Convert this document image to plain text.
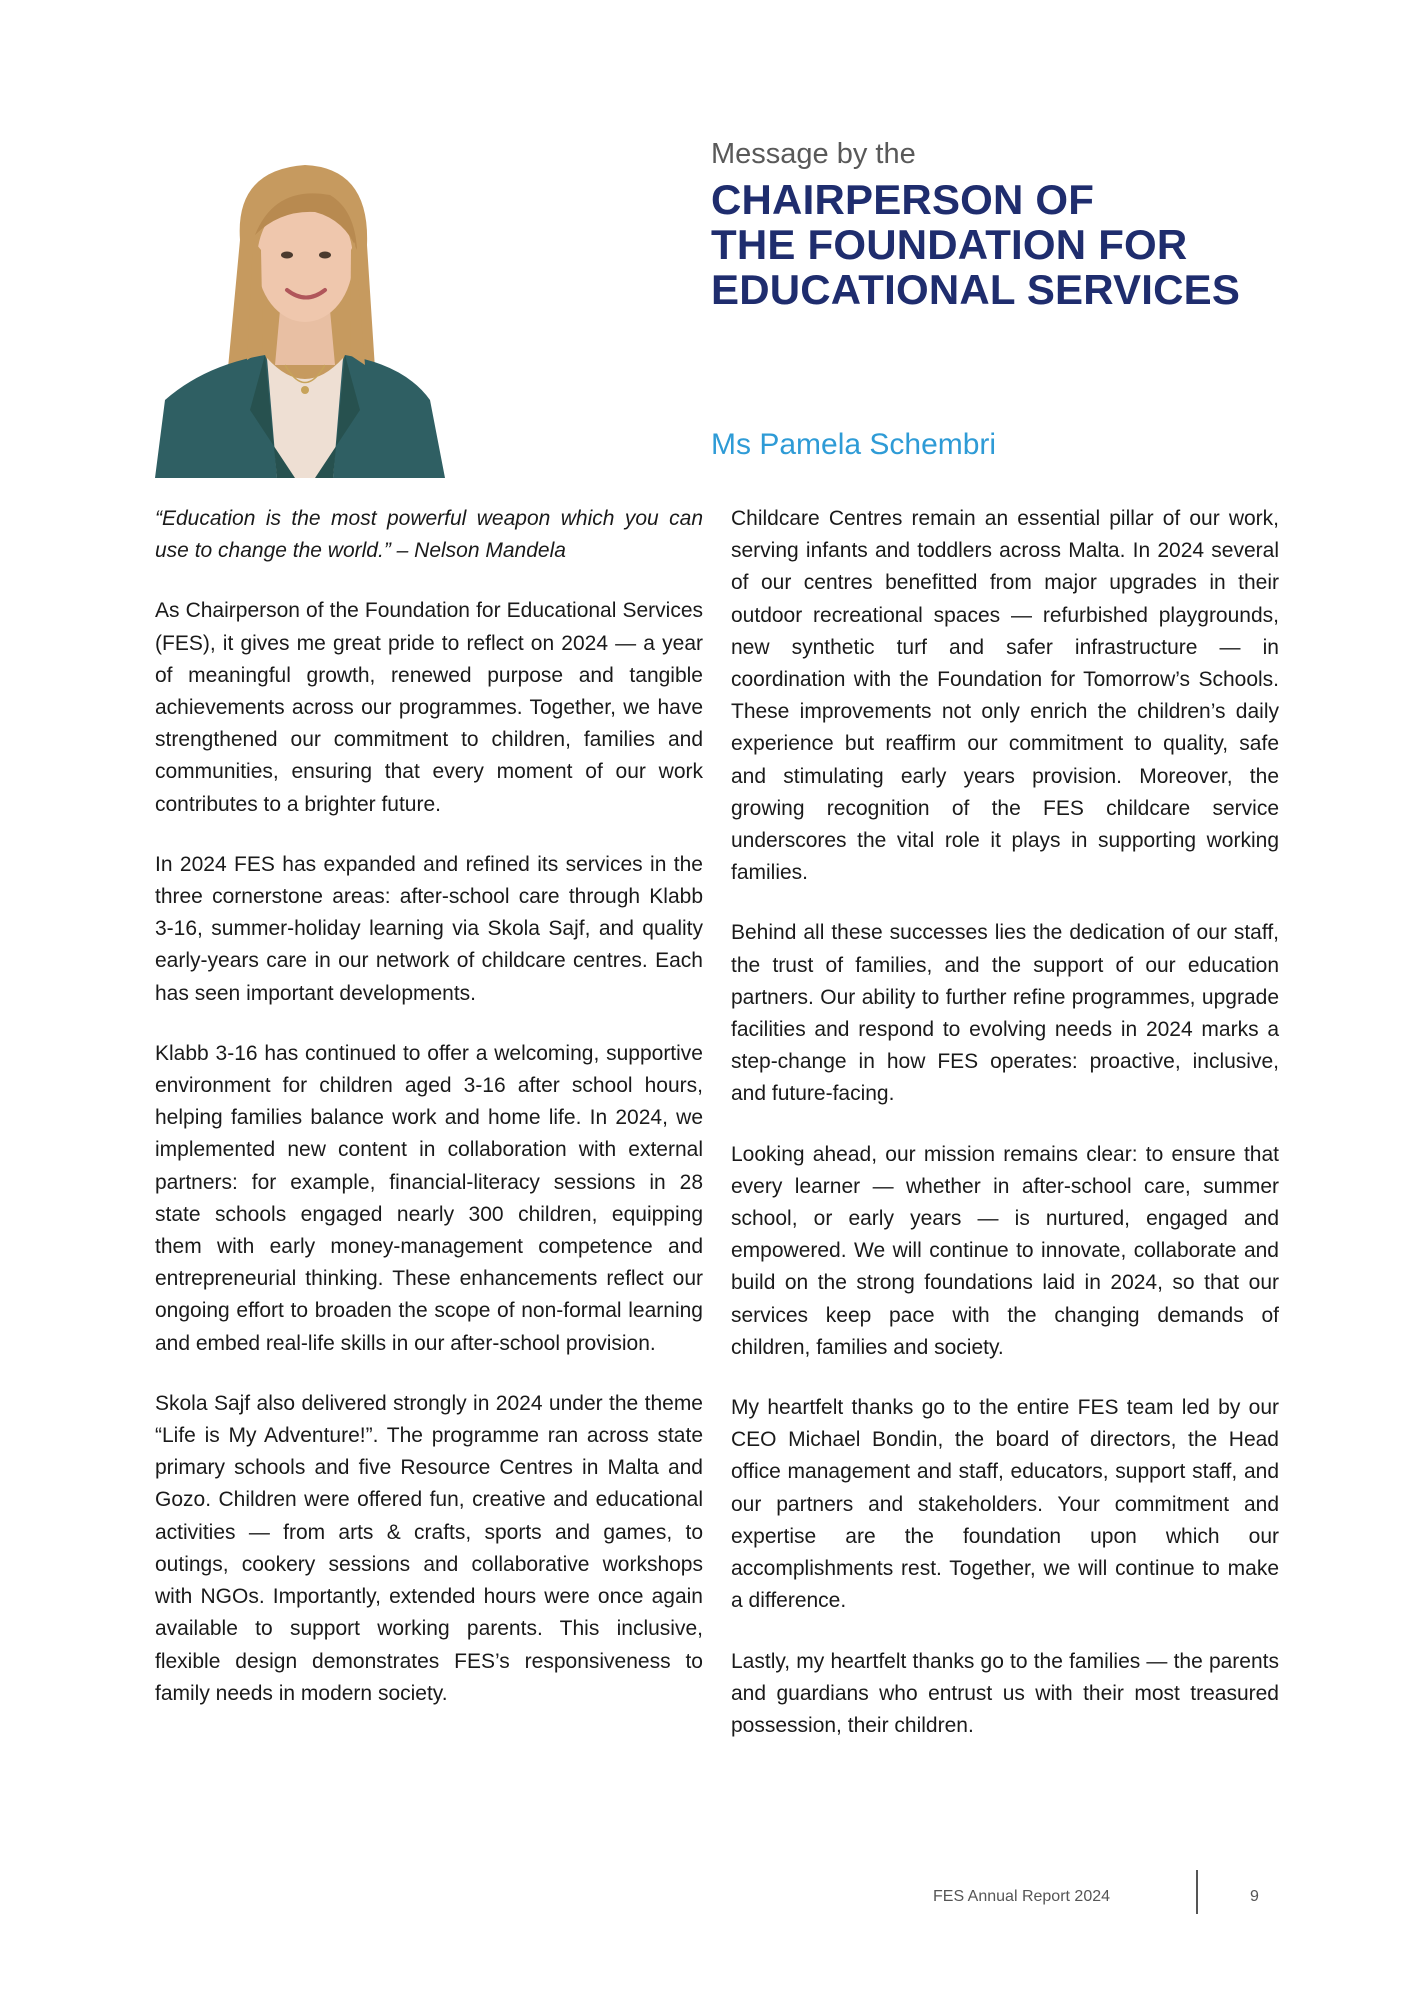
Message by the

CHAIRPERSON OF
THE FOUNDATION FOR
EDUCATIONAL SERVICES

Ms Pamela Schembri

“Education is the most powerful weapon which you can use to change the world.” – Nelson Mandela

As Chairperson of the Foundation for Educational Services (FES), it gives me great pride to reflect on 2024 — a year of meaningful growth, renewed purpose and tangible achievements across our programmes. Together, we have strengthened our commitment to children, families and communities, ensuring that every moment of our work contributes to a brighter future.

In 2024 FES has expanded and refined its services in the three cornerstone areas: after-school care through Klabb 3-16, summer-holiday learning via Skola Sajf, and quality early-years care in our network of childcare centres. Each has seen important developments.

Klabb 3-16 has continued to offer a welcoming, supportive environment for children aged 3-16 after school hours, helping families balance work and home life. In 2024, we implemented new content in collaboration with external partners: for example, financial-literacy sessions in 28 state schools engaged nearly 300 children, equipping them with early money-management competence and entrepreneurial thinking. These enhancements reflect our ongoing effort to broaden the scope of non-formal learning and embed real-life skills in our after-school provision.

Skola Sajf also delivered strongly in 2024 under the theme “Life is My Adventure!”. The programme ran across state primary schools and five Resource Centres in Malta and Gozo. Children were offered fun, creative and educational activities — from arts & crafts, sports and games, to outings, cookery sessions and collaborative workshops with NGOs. Importantly, extended hours were once again available to support working parents. This inclusive, flexible design demonstrates FES’s responsiveness to family needs in modern society.

Childcare Centres remain an essential pillar of our work, serving infants and toddlers across Malta. In 2024 several of our centres benefitted from major upgrades in their outdoor recreational spaces — refurbished playgrounds, new synthetic turf and safer infrastructure — in coordination with the Foundation for Tomorrow’s Schools. These improvements not only enrich the children’s daily experience but reaffirm our commitment to quality, safe and stimulating early years provision. Moreover, the growing recognition of the FES childcare service underscores the vital role it plays in supporting working families.

Behind all these successes lies the dedication of our staff, the trust of families, and the support of our education partners. Our ability to further refine programmes, upgrade facilities and respond to evolving needs in 2024 marks a step-change in how FES operates: proactive, inclusive, and future-facing.

Looking ahead, our mission remains clear: to ensure that every learner — whether in after-school care, summer school, or early years — is nurtured, engaged and empowered. We will continue to innovate, collaborate and build on the strong foundations laid in 2024, so that our services keep pace with the changing demands of children, families and society.

My heartfelt thanks go to the entire FES team led by our CEO Michael Bondin, the board of directors, the Head office management and staff, educators, support staff, and our partners and stakeholders. Your commitment and expertise are the foundation upon which our accomplishments rest. Together, we will continue to make a difference.

Lastly, my heartfelt thanks go to the families — the parents and guardians who entrust us with their most treasured possession, their children.

FES Annual Report 2024	9
